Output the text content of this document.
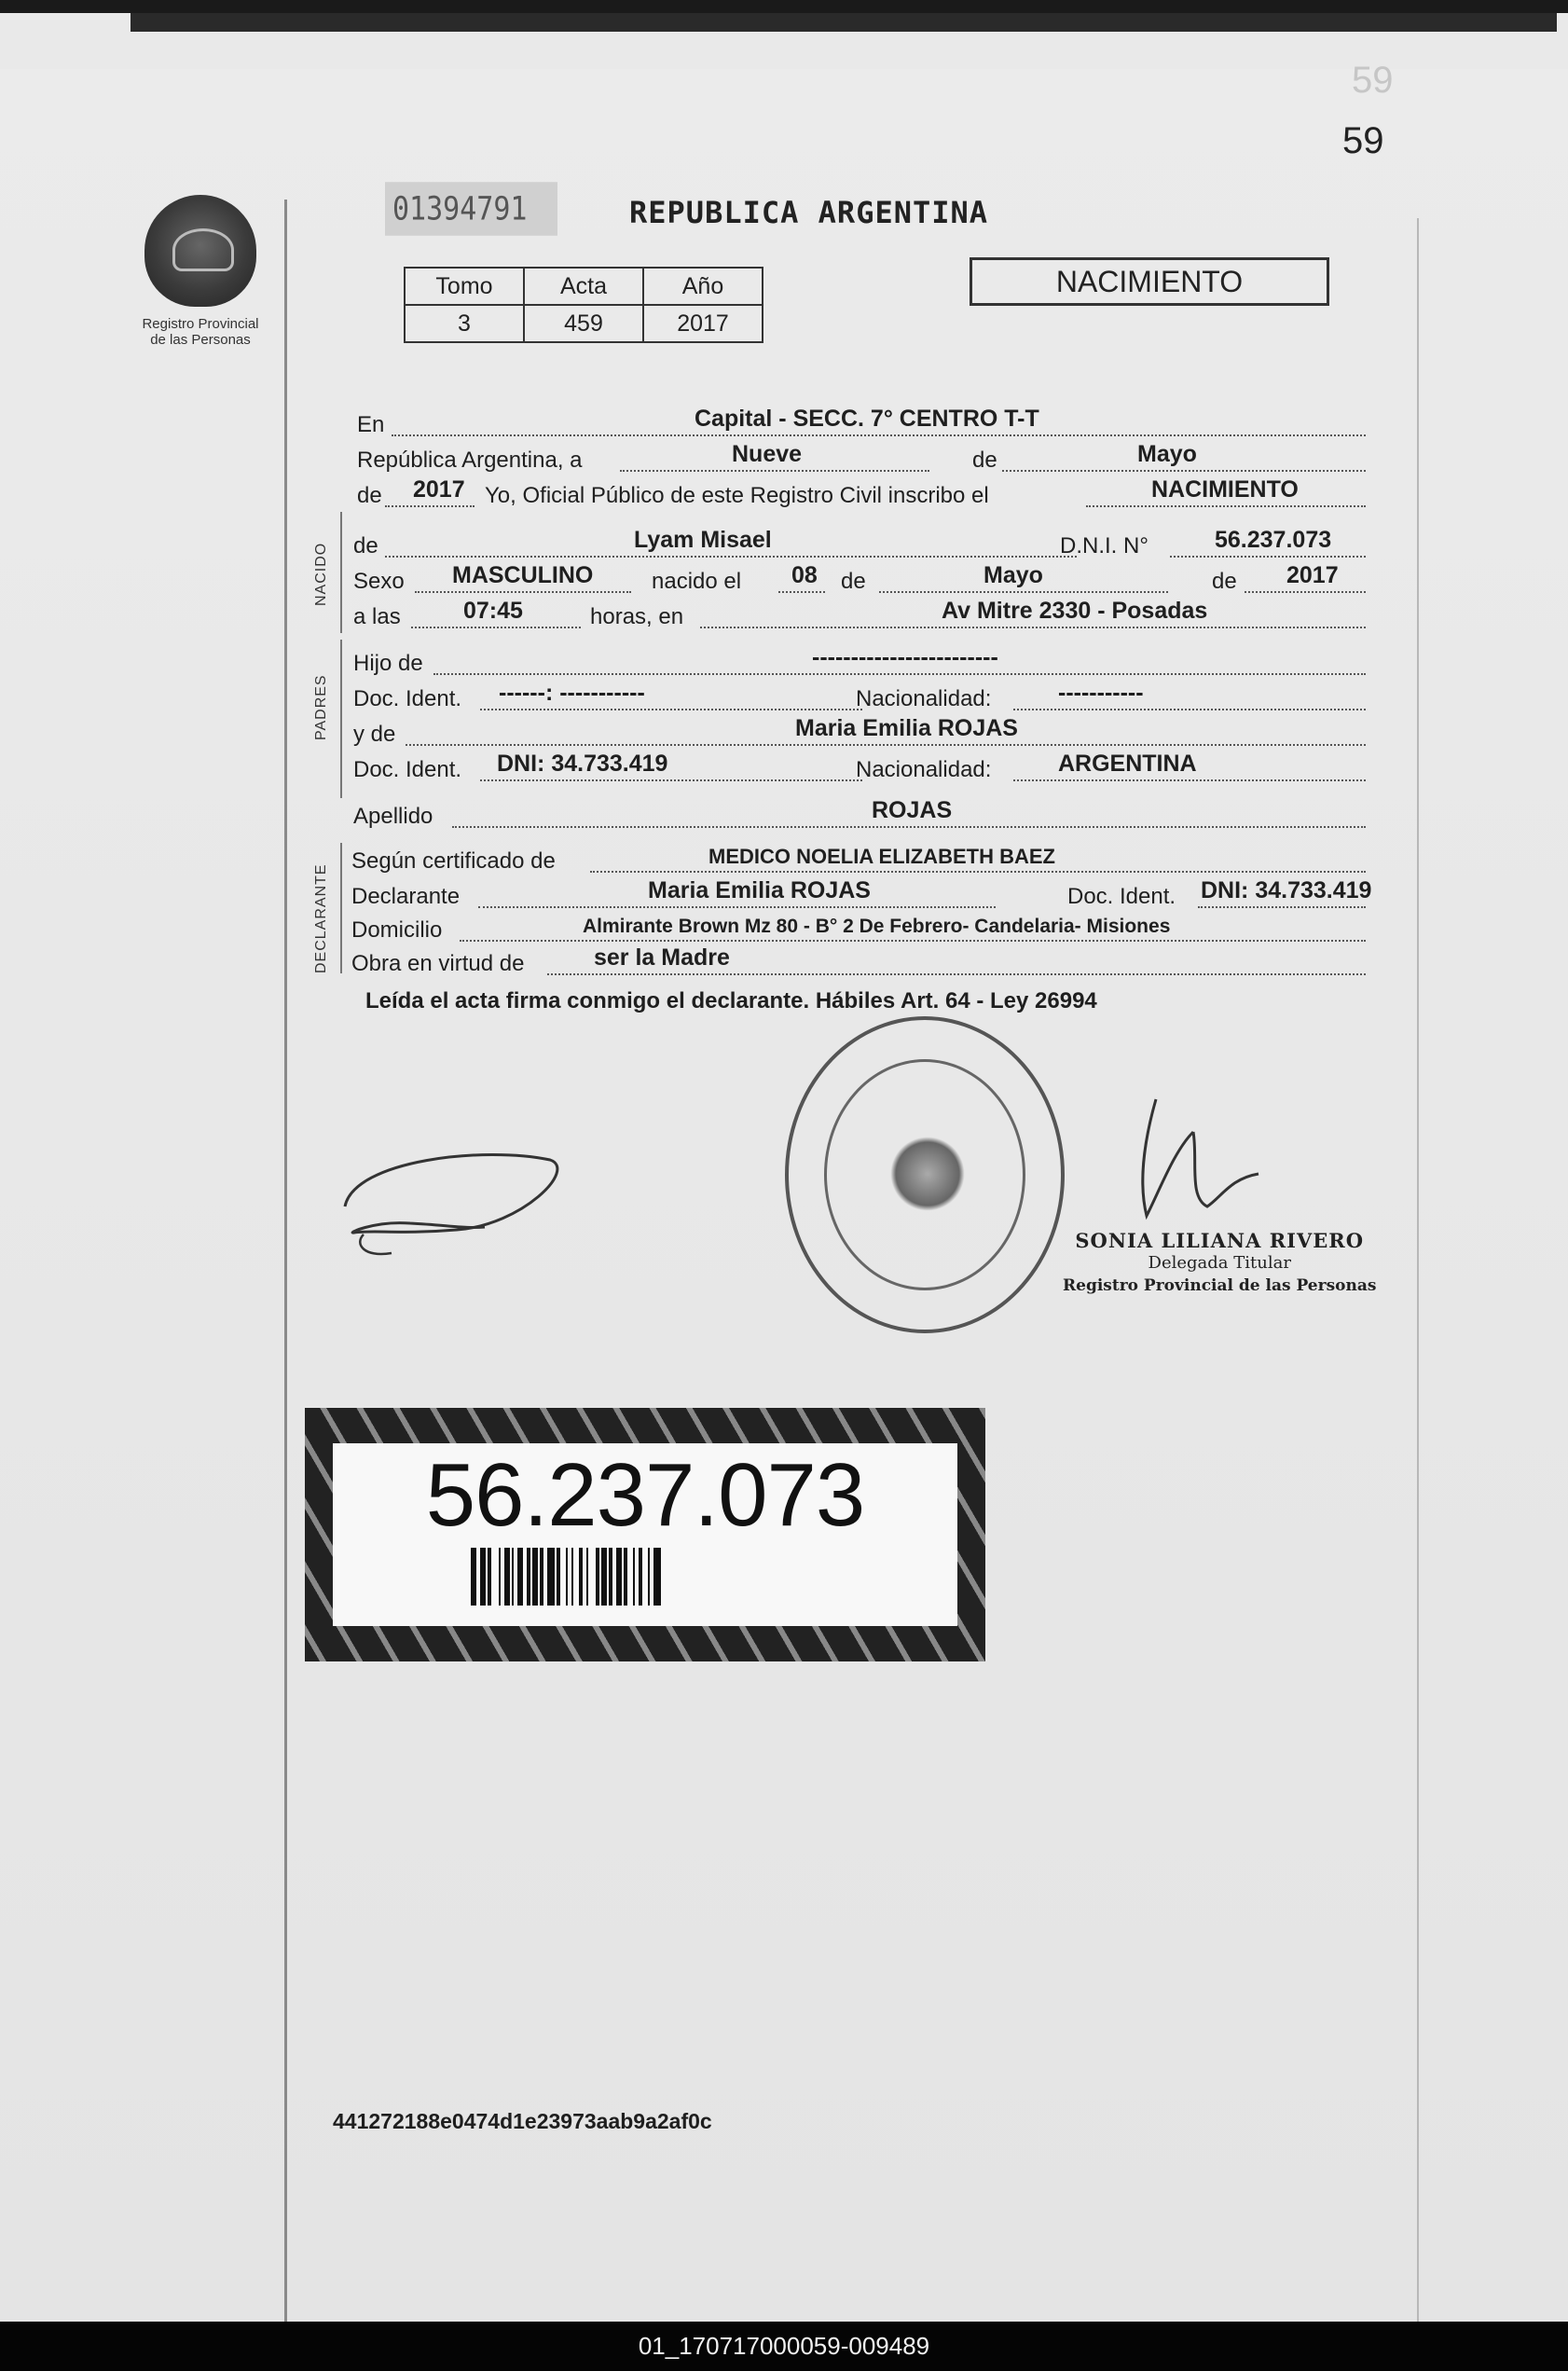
59
59
Registro Provincial
de las Personas
01394791	REPUBLICA ARGENTINA
Tomo	Acta	Año
3	459	2017
NACIMIENTO
En	Capital - SECC. 7° CENTRO T-T
República Argentina, a	Nueve	de	Mayo
de 2017 Yo, Oficial Público de este Registro Civil inscribo el	NACIMIENTO
NACIDO
PADRES
DECLARANTE
de	Lyam Misael	D.N.I. N°	56.237.073
Sexo MASCULINO	nacido el 08 de	Mayo	de 2017
a las	07:45	horas, en	Av Mitre 2330 - Posadas
Hijo de	------------------------
Doc. Ident. ------: -----------	Nacionalidad:	-----------
y de	Maria Emilia ROJAS
Doc. Ident. DNI: 34.733.419	Nacionalidad:	ARGENTINA
Apellido	ROJAS
Según certificado de	MEDICO NOELIA ELIZABETH BAEZ
Declarante	Maria Emilia ROJAS	Doc. Ident. DNI: 34.733.419
Domicilio	Almirante Brown Mz 80 - B° 2 De Febrero- Candelaria- Misiones
Obra en virtud de	ser la Madre
Leída el acta firma conmigo el declarante. Hábiles Art. 64 - Ley 26994
SONIA LILIANA RIVERO
Delegada Titular
Registro Provincial de las Personas
56.237.073
441272188e0474d1e23973aab9a2af0c
01_170717000059-009489
